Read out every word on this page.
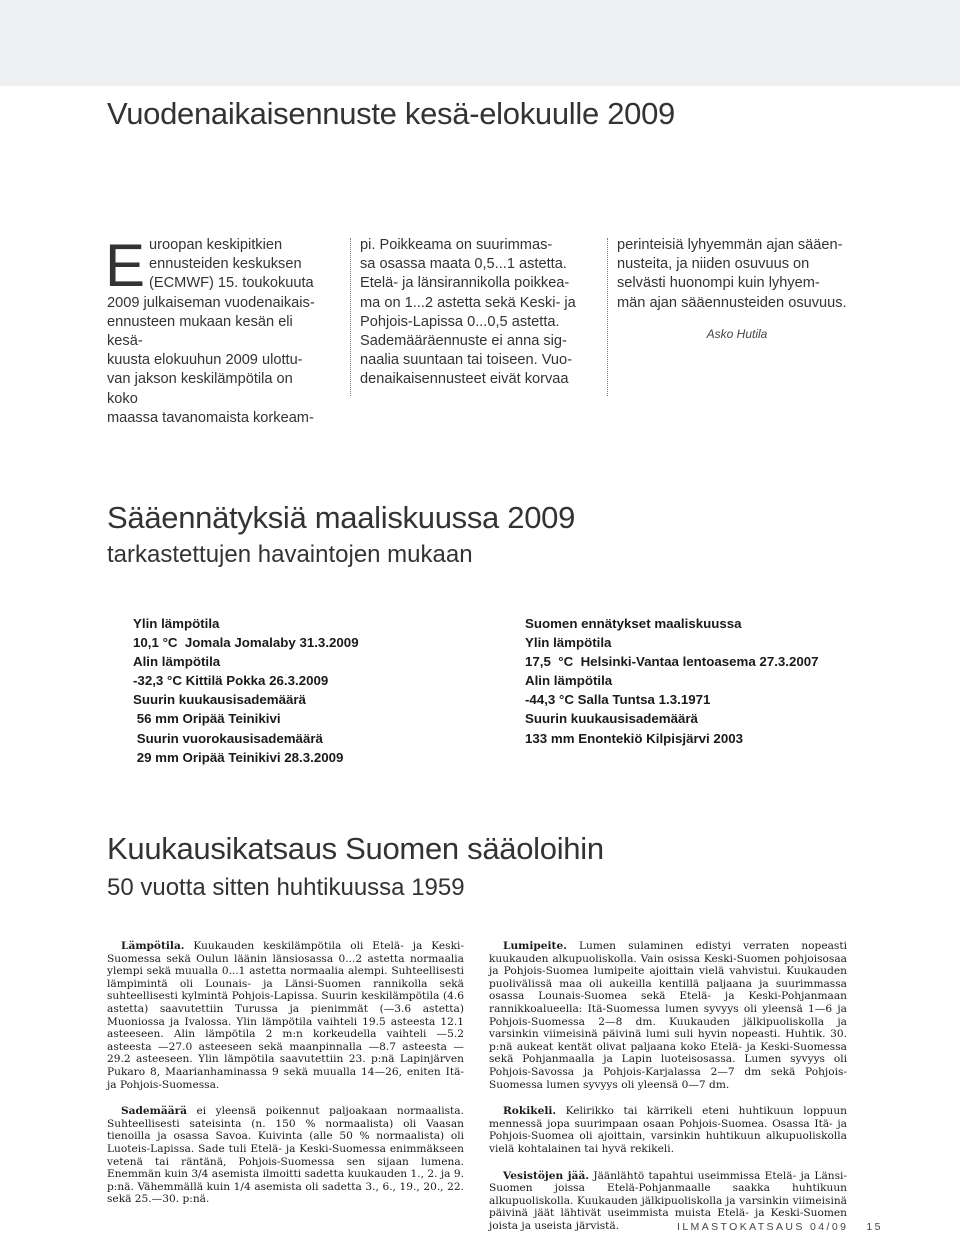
Vuodenaikaisennuste kesä-elokuulle 2009
E uroopan keskipitkien
ennusteiden keskuksen
(ECMWF) 15. toukokuuta
2009 julkaiseman vuodenaikais-
ennusteen mukaan kesän eli kesä-
kuusta elokuuhun 2009 ulottu-
van jakson keskilämpötila on koko
maassa tavanomaista korkeam-

pi. Poikkeama on suurimmas-
sa osassa maata 0,5...1 astetta.
Etelä- ja länsirannikolla poikkea-
ma on 1...2 astetta sekä Keski- ja
Pohjois-Lapissa 0...0,5 astetta.
Sademääräennuste ei anna sig-
naalia suuntaan tai toiseen. Vuo-
denaikaisennusteet eivät korvaa

perinteisiä lyhyemmän ajan sääen-
nusteita, ja niiden osuvuus on
selvästi huonompi kuin lyhyem-
män ajan sääennusteiden osuvuus.

Asko Hutila

Sääennätyksiä maaliskuussa 2009
tarkastettujen havaintojen mukaan
Ylin lämpötila
10,1 °C  Jomala Jomalaby 31.3.2009
Alin lämpötila
-32,3 °C Kittilä Pokka 26.3.2009
Suurin kuukausisademäärä
56 mm Oripää Teinikivi
Suurin vuorokausisademäärä
29 mm Oripää Teinikivi 28.3.2009
Suomen ennätykset maaliskuussa
Ylin lämpötila
17,5  °C  Helsinki-Vantaa lentoasema 27.3.2007
Alin lämpötila
-44,3 °C Salla Tuntsa 1.3.1971
Suurin kuukausisademäärä
133 mm Enontekiö Kilpisjärvi 2003
Kuukausikatsaus Suomen sääoloihin
50 vuotta sitten huhtikuussa 1959

Lämpötila. Kuukauden keskilämpötila oli Etelä- ja Keski-Suomessa sekä Oulun läänin länsiosassa 0...2 astetta normaalia ylempi sekä muualla 0...1 astetta normaalia alempi. Suhteellisesti lämpimintä oli Lounais- ja Länsi-Suomen rannikolla sekä suhteellisesti kylmintä Pohjois-Lapissa. Suurin keskilämpötila (4.6 astetta) saavutettiin Turussa ja pienimmät (—3.6 astetta) Muoniossa ja Ivalossa. Ylin lämpötila vaihteli 19.5 asteesta 12.1 asteeseen. Alin lämpötila 2 m:n korkeudella vaihteli —5.2 asteesta —27.0 asteeseen sekä maanpinnalla —8.7 asteesta —29.2 asteeseen. Ylin lämpötila saavutettiin 23. p:nä Lapinjärven Pukaro 8, Maarianhaminassa 9 sekä muualla 14—26, eniten Itä- ja Pohjois-Suomessa.

Sademäärä ei yleensä poikennut paljoakaan normaalista. Suhteellisesti sateisinta (n. 150 % normaalista) oli Vaasan tienoilla ja osassa Savoa. Kuivinta (alle 50 % normaalista) oli Luoteis-Lapissa. Sade tuli Etelä- ja Keski-Suomessa enimmäkseen vetenä tai räntänä, Pohjois-Suomessa sen sijaan lumena. Enemmän kuin 3/4 asemista ilmoitti sadetta kuukauden 1., 2. ja 9. p:nä. Vähemmällä kuin 1/4 asemista oli sadetta 3., 6., 19., 20., 22. sekä 25.—30. p:nä.

Lumipeite. Lumen sulaminen edistyi verraten nopeasti kuukauden alkupuoliskolla. Vain osissa Keski-Suomen pohjoisosaa ja Pohjois-Suomea lumipeite ajoittain vielä vahvistui. Kuukauden puolivälissä maa oli aukeilla kentillä paljaana ja suurimmassa osassa Lounais-Suomea sekä Etelä- ja Keski-Pohjanmaan rannikkoalueella: Itä-Suomessa lumen syvyys oli yleensä 1—6 ja Pohjois-Suomessa 2—8 dm. Kuukauden jälkipuoliskolla ja varsinkin viimeisinä päivinä lumi suli hyvin nopeasti. Huhtik. 30. p:nä aukeat kentät olivat paljaana koko Etelä- ja Keski-Suomessa sekä Pohjanmaalla ja Lapin luoteisosassa. Lumen syvyys oli Pohjois-Savossa ja Pohjois-Karjalassa 2—7 dm sekä Pohjois-Suomessa lumen syvyys oli yleensä 0—7 dm.

Rokikeli. Kelirikko tai kärrikeli eteni huhtikuun loppuun mennessä jopa suurimpaan osaan Pohjois-Suomea. Osassa Itä- ja Pohjois-Suomea oli ajoittain, varsinkin huhtikuun alkupuoliskolla vielä kohtalainen tai hyvä rekikeli.

Vesistöjen jää. Jäänlähtö tapahtui useimmissa Etelä- ja Länsi-Suomen joissa Etelä-Pohjanmaalle saakka huhtikuun alkupuoliskolla. Kuukauden jälkipuoliskolla ja varsinkin viimeisinä päivinä jäät lähtivät useimmista muista Etelä- ja Keski-Suomen joista ja useista järvistä.	ILMASTOKATSAUS 04/09 15
